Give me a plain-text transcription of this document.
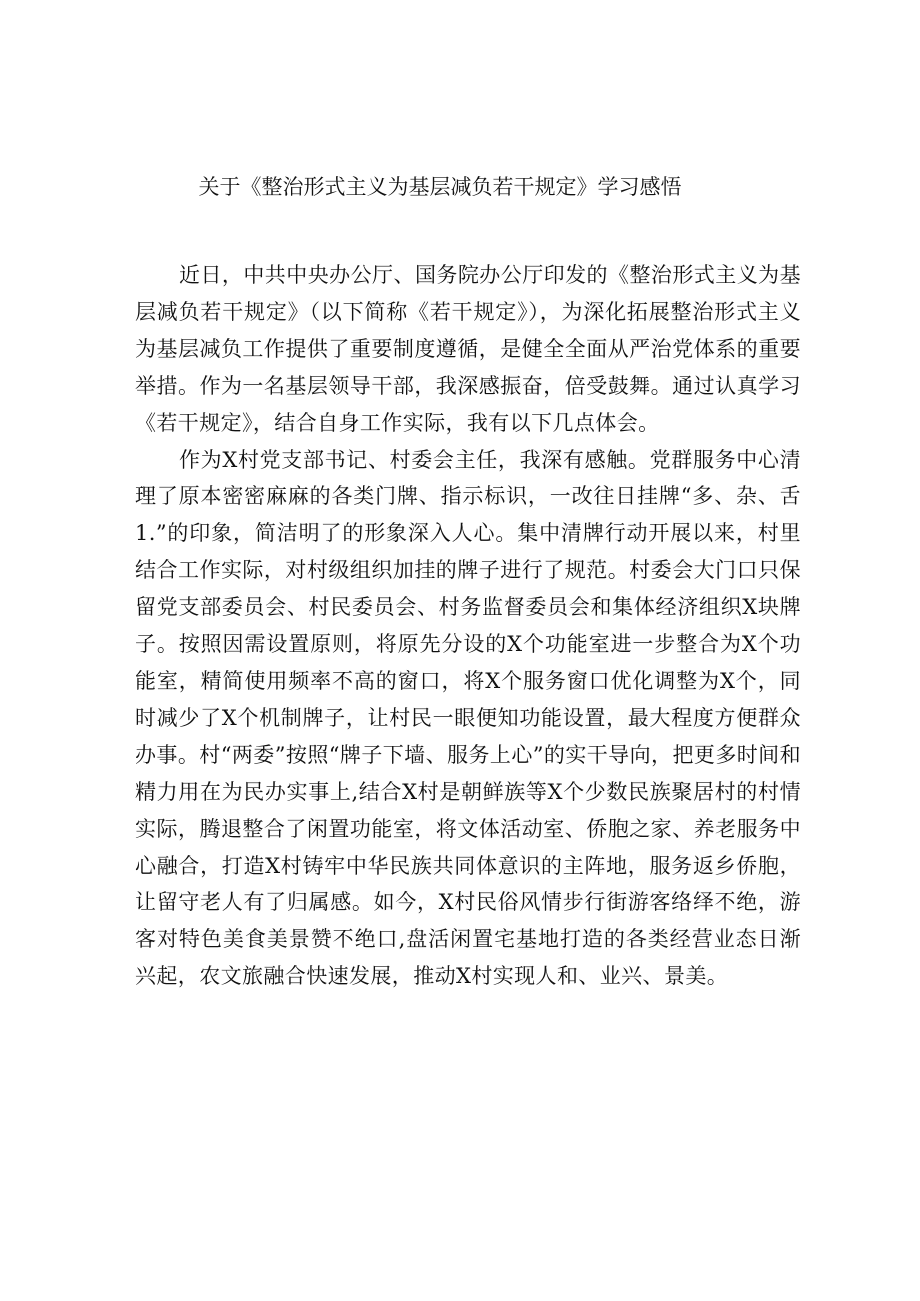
关于《整治形式主义为基层减负若干规定》学习感悟

近日，中共中央办公厅、国务院办公厅印发的《整治形式主义为基层减负若干规定》（以下简称《若干规定》），为深化拓展整治形式主义为基层减负工作提供了重要制度遵循，是健全全面从严治党体系的重要举措。作为一名基层领导干部，我深感振奋，倍受鼓舞。通过认真学习《若干规定》，结合自身工作实际，我有以下几点体会。

作为X村党支部书记、村委会主任，我深有感触。党群服务中心清理了原本密密麻麻的各类门牌、指示标识，一改往日挂牌“多、杂、舌1.”的印象，简洁明了的形象深入人心。集中清牌行动开展以来，村里结合工作实际，对村级组织加挂的牌子进行了规范。村委会大门口只保留党支部委员会、村民委员会、村务监督委员会和集体经济组织X块牌子。按照因需设置原则，将原先分设的X个功能室进一步整合为X个功能室，精简使用频率不高的窗口，将X个服务窗口优化调整为X个，同时减少了X个机制牌子，让村民一眼便知功能设置，最大程度方便群众办事。村“两委”按照“牌子下墙、服务上心”的实干导向，把更多时间和精力用在为民办实事上,结合X村是朝鲜族等X个少数民族聚居村的村情实际，腾退整合了闲置功能室，将文体活动室、侨胞之家、养老服务中心融合，打造X村铸牢中华民族共同体意识的主阵地，服务返乡侨胞，让留守老人有了归属感。如今，X村民俗风情步行街游客络绎不绝，游客对特色美食美景赞不绝口,盘活闲置宅基地打造的各类经营业态日渐兴起，农文旅融合快速发展，推动X村实现人和、业兴、景美。
